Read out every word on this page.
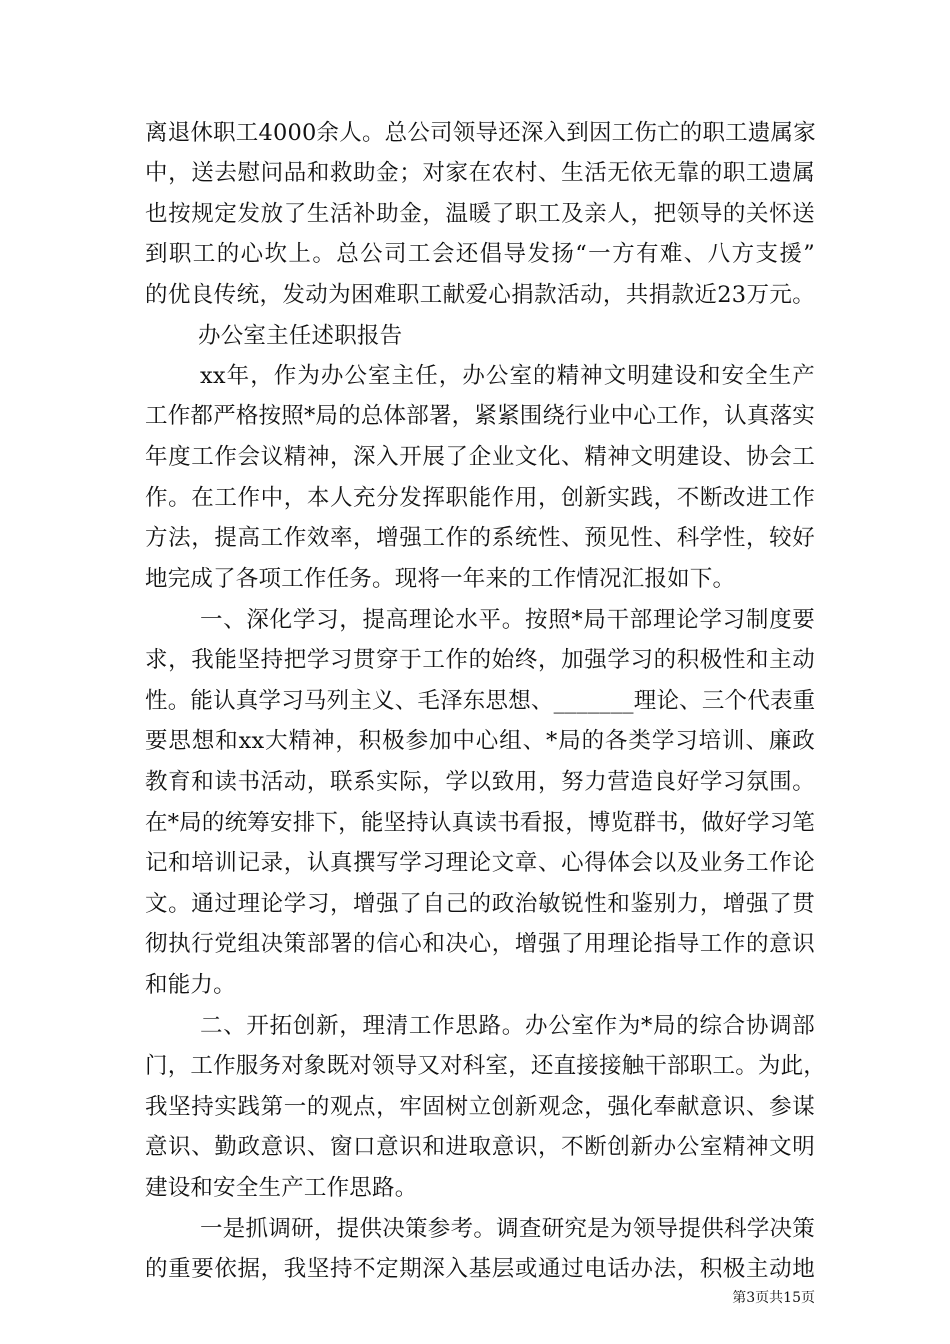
离退休职工4000余人。总公司领导还深入到因工伤亡的职工遗属家
中，送去慰问品和救助金；对家在农村、生活无依无靠的职工遗属
也按规定发放了生活补助金，温暖了职工及亲人，把领导的关怀送
到职工的心坎上。总公司工会还倡导发扬“一方有难、八方支援”
的优良传统，发动为困难职工献爱心捐款活动，共捐款近23万元。
办公室主任述职报告
xx年，作为办公室主任，办公室的精神文明建设和安全生产
工作都严格按照*局的总体部署，紧紧围绕行业中心工作，认真落实
年度工作会议精神，深入开展了企业文化、精神文明建设、协会工
作。在工作中，本人充分发挥职能作用，创新实践，不断改进工作
方法，提高工作效率，增强工作的系统性、预见性、科学性，较好
地完成了各项工作任务。现将一年来的工作情况汇报如下。
一、深化学习，提高理论水平。按照*局干部理论学习制度要
求，我能坚持把学习贯穿于工作的始终，加强学习的积极性和主动
性。能认真学习马列主义、毛泽东思想、_______理论、三个代表重
要思想和xx大精神，积极参加中心组、*局的各类学习培训、廉政
教育和读书活动，联系实际，学以致用，努力营造良好学习氛围。
在*局的统筹安排下，能坚持认真读书看报，博览群书，做好学习笔
记和培训记录，认真撰写学习理论文章、心得体会以及业务工作论
文。通过理论学习，增强了自己的政治敏锐性和鉴别力，增强了贯
彻执行党组决策部署的信心和决心，增强了用理论指导工作的意识
和能力。
二、开拓创新，理清工作思路。办公室作为*局的综合协调部
门，工作服务对象既对领导又对科室，还直接接触干部职工。为此，
我坚持实践第一的观点，牢固树立创新观念，强化奉献意识、参谋
意识、勤政意识、窗口意识和进取意识，不断创新办公室精神文明
建设和安全生产工作思路。
一是抓调研，提供决策参考。调查研究是为领导提供科学决策
的重要依据，我坚持不定期深入基层或通过电话办法，积极主动地
第3页共15页
